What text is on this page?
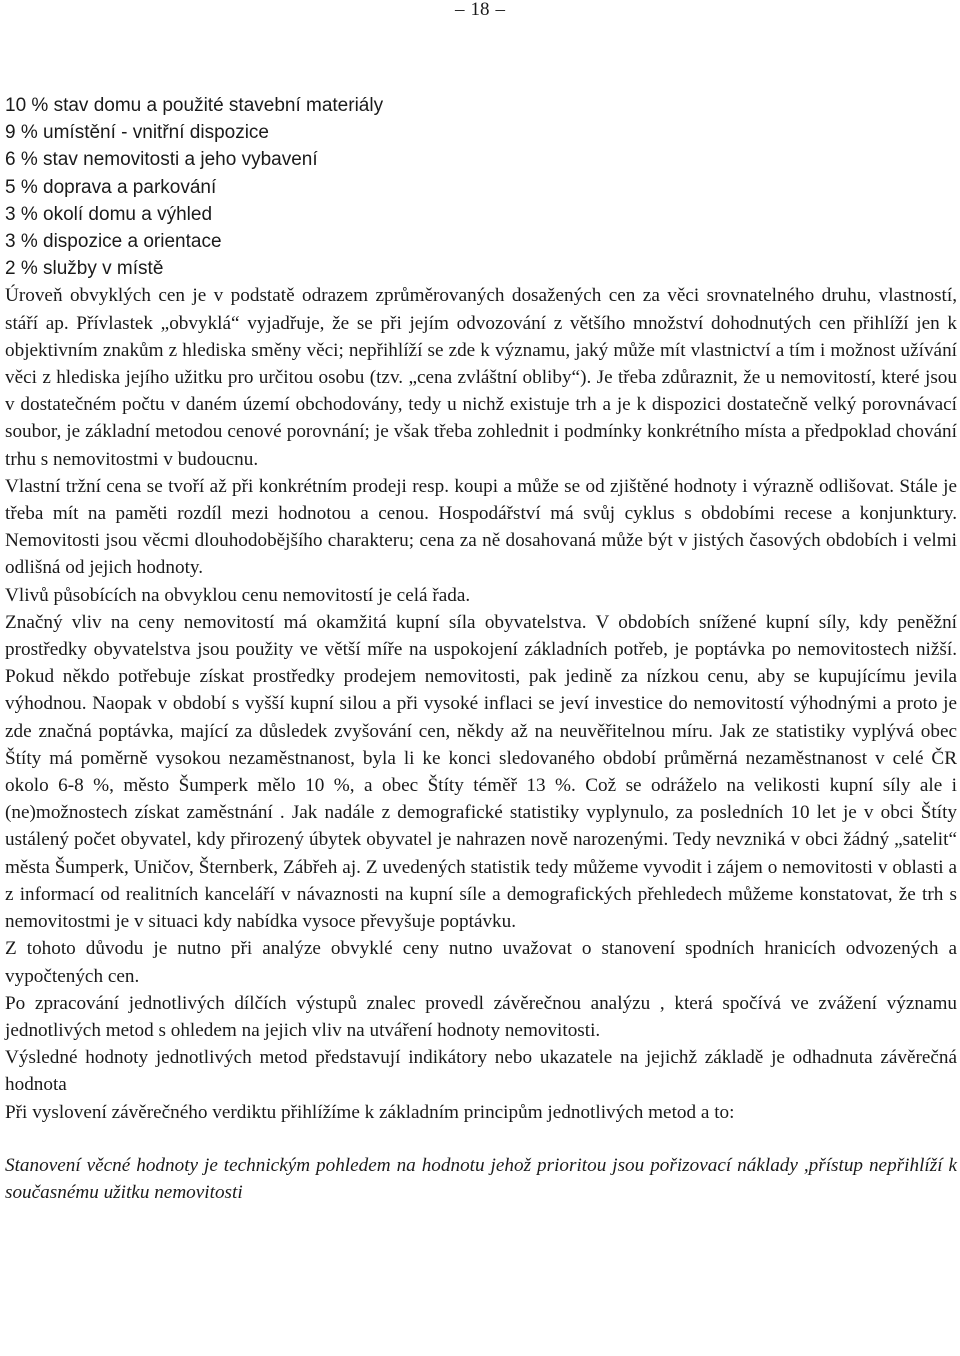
– 18 –
10 % stav domu a použité stavební materiály
9 % umístění - vnitřní dispozice
6 % stav nemovitosti a jeho vybavení
5 % doprava a parkování
3 % okolí domu a výhled
3 % dispozice a orientace
2 % služby v místě

Úroveň obvyklých cen je v podstatě odrazem zprůměrovaných dosažených cen za věci srovnatelného druhu, vlastností, stáří ap. Přívlastek „obvyklá“ vyjadřuje, že se při jejím odvozování z většího množství dohodnutých cen přihlíží jen k objektivním znakům z hlediska směny věci; nepřihlíží se zde k významu, jaký může mít vlastnictví a tím i možnost užívání věci z hlediska jejího užitku pro určitou osobu (tzv. „cena zvláštní obliby“). Je třeba zdůraznit, že u nemovitostí, které jsou v dostatečném počtu v daném území obchodovány, tedy u nichž existuje trh a je k dispozici dostatečně velký porovnávací soubor, je základní metodou cenové porovnání; je však třeba zohlednit i podmínky konkrétního místa a předpoklad chování trhu s nemovitostmi v budoucnu.

Vlastní tržní cena se tvoří až při konkrétním prodeji resp. koupi a může se od zjištěné hodnoty i výrazně odlišovat. Stále je třeba mít na paměti rozdíl mezi hodnotou a cenou. Hospodářství má svůj cyklus s obdobími recese a konjunktury. Nemovitosti jsou věcmi dlouhodobějšího charakteru; cena za ně dosahovaná může být v jistých časových obdobích i velmi odlišná od jejich hodnoty.

Vlivů působících na obvyklou cenu nemovitostí je celá řada.

Značný vliv na ceny nemovitostí má okamžitá kupní síla obyvatelstva. V obdobích snížené kupní síly, kdy peněžní prostředky obyvatelstva jsou použity ve větší míře na uspokojení základních potřeb, je poptávka po nemovitostech nižší. Pokud někdo potřebuje získat prostředky prodejem nemovitosti, pak jedině za nízkou cenu, aby se kupujícímu jevila výhodnou. Naopak v období s vyšší kupní silou a při vysoké inflaci se jeví investice do nemovitostí výhodnými a proto je zde značná poptávka, mající za důsledek zvyšování cen, někdy až na neuvěřitelnou míru. Jak ze statistiky vyplývá obec Štíty má poměrně vysokou nezaměstnanost, byla li ke konci sledovaného období průměrná nezaměstnanost v celé ČR okolo 6-8 %, město Šumperk mělo 10 %, a obec Štíty téměř 13 %. Což se odráželo na velikosti kupní síly ale i (ne)možnostech získat zaměstnání . Jak nadále z demografické statistiky vyplynulo, za posledních 10 let je v obci Štíty ustálený počet obyvatel, kdy přirozený úbytek obyvatel je nahrazen nově narozenými. Tedy nevzniká v obci žádný „satelit“ města Šumperk, Uničov, Šternberk, Zábřeh aj. Z uvedených statistik tedy můžeme vyvodit i zájem o nemovitosti v oblasti a z informací od realitních kanceláří v návaznosti na kupní síle a demografických přehledech můžeme konstatovat, že trh s nemovitostmi je v situaci kdy nabídka vysoce převyšuje poptávku.

Z tohoto důvodu je nutno při analýze obvyklé ceny nutno uvažovat o stanovení spodních hranicích odvozených a vypočtených cen.

Po zpracování jednotlivých dílčích výstupů znalec provedl závěrečnou analýzu , která spočívá ve zvážení významu jednotlivých metod s ohledem na jejich vliv na utváření hodnoty nemovitosti.

Výsledné hodnoty jednotlivých metod představují indikátory nebo ukazatele na jejichž základě je odhadnuta závěrečná hodnota

Při vyslovení závěrečného verdiktu přihlížíme k základním principům jednotlivých metod a to:

Stanovení věcné hodnoty je technickým pohledem na hodnotu jehož prioritou jsou pořizovací náklady ,přístup nepřihlíží k současnému užitku nemovitosti
